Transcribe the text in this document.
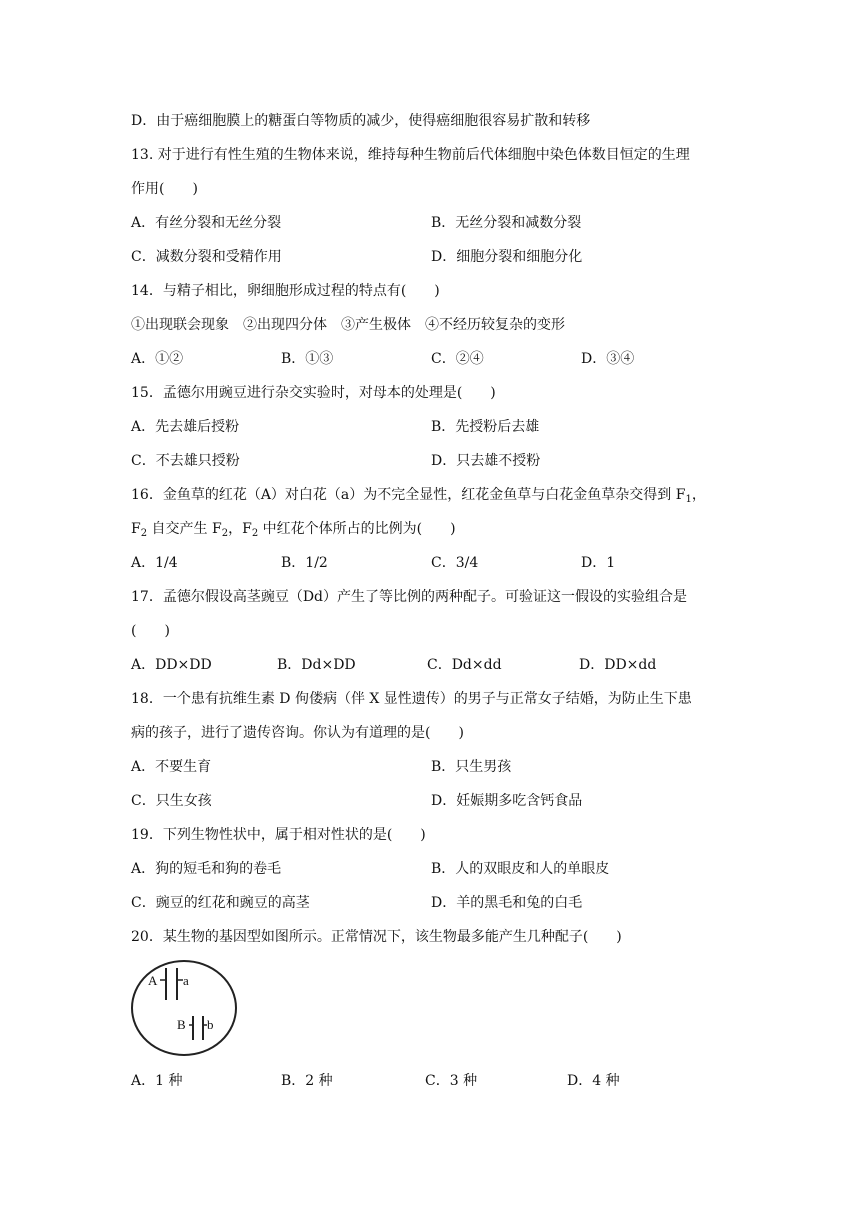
D．由于癌细胞膜上的糖蛋白等物质的减少，使得癌细胞很容易扩散和转移
13. 对于进行有性生殖的生物体来说，维持每种生物前后代体细胞中染色体数目恒定的生理
作用(　　)
A．有丝分裂和无丝分裂	B．无丝分裂和减数分裂
C．减数分裂和受精作用	D．细胞分裂和细胞分化
14．与精子相比，卵细胞形成过程的特点有(　　)
①出现联会现象　②出现四分体　③产生极体　④不经历较复杂的变形
A．①②	B．①③	C．②④	D．③④
15．孟德尔用豌豆进行杂交实验时，对母本的处理是(　　)
A．先去雄后授粉	B．先授粉后去雄
C．不去雄只授粉	D．只去雄不授粉
16．金鱼草的红花（A）对白花（a）为不完全显性，红花金鱼草与白花金鱼草杂交得到 $F_1$，
$F_2$ 自交产生 $F_2$，$F_2$ 中红花个体所占的比例为(　　)
A．1/4	B．1/2	C．3/4	D．1
17．孟德尔假设高茎豌豆（Dd）产生了等比例的两种配子。可验证这一假设的实验组合是
(　　)
A．DD×DD	B．Dd×DD	C．Dd×dd	D．DD×dd
18．一个患有抗维生素 D 佝偻病（伴 X 显性遗传）的男子与正常女子结婚，为防止生下患
病的孩子，进行了遗传咨询。你认为有道理的是(　　)
A．不要生育	B．只生男孩
C．只生女孩	D．妊娠期多吃含钙食品
19．下列生物性状中，属于相对性状的是(　　)
A．狗的短毛和狗的卷毛	B．人的双眼皮和人的单眼皮
C．豌豆的红花和豌豆的高茎	D．羊的黑毛和兔的白毛
20．某生物的基因型如图所示。正常情况下，该生物最多能产生几种配子(　　)
A a
B b
A．1 种	B．2 种	C．3 种	D．4 种
